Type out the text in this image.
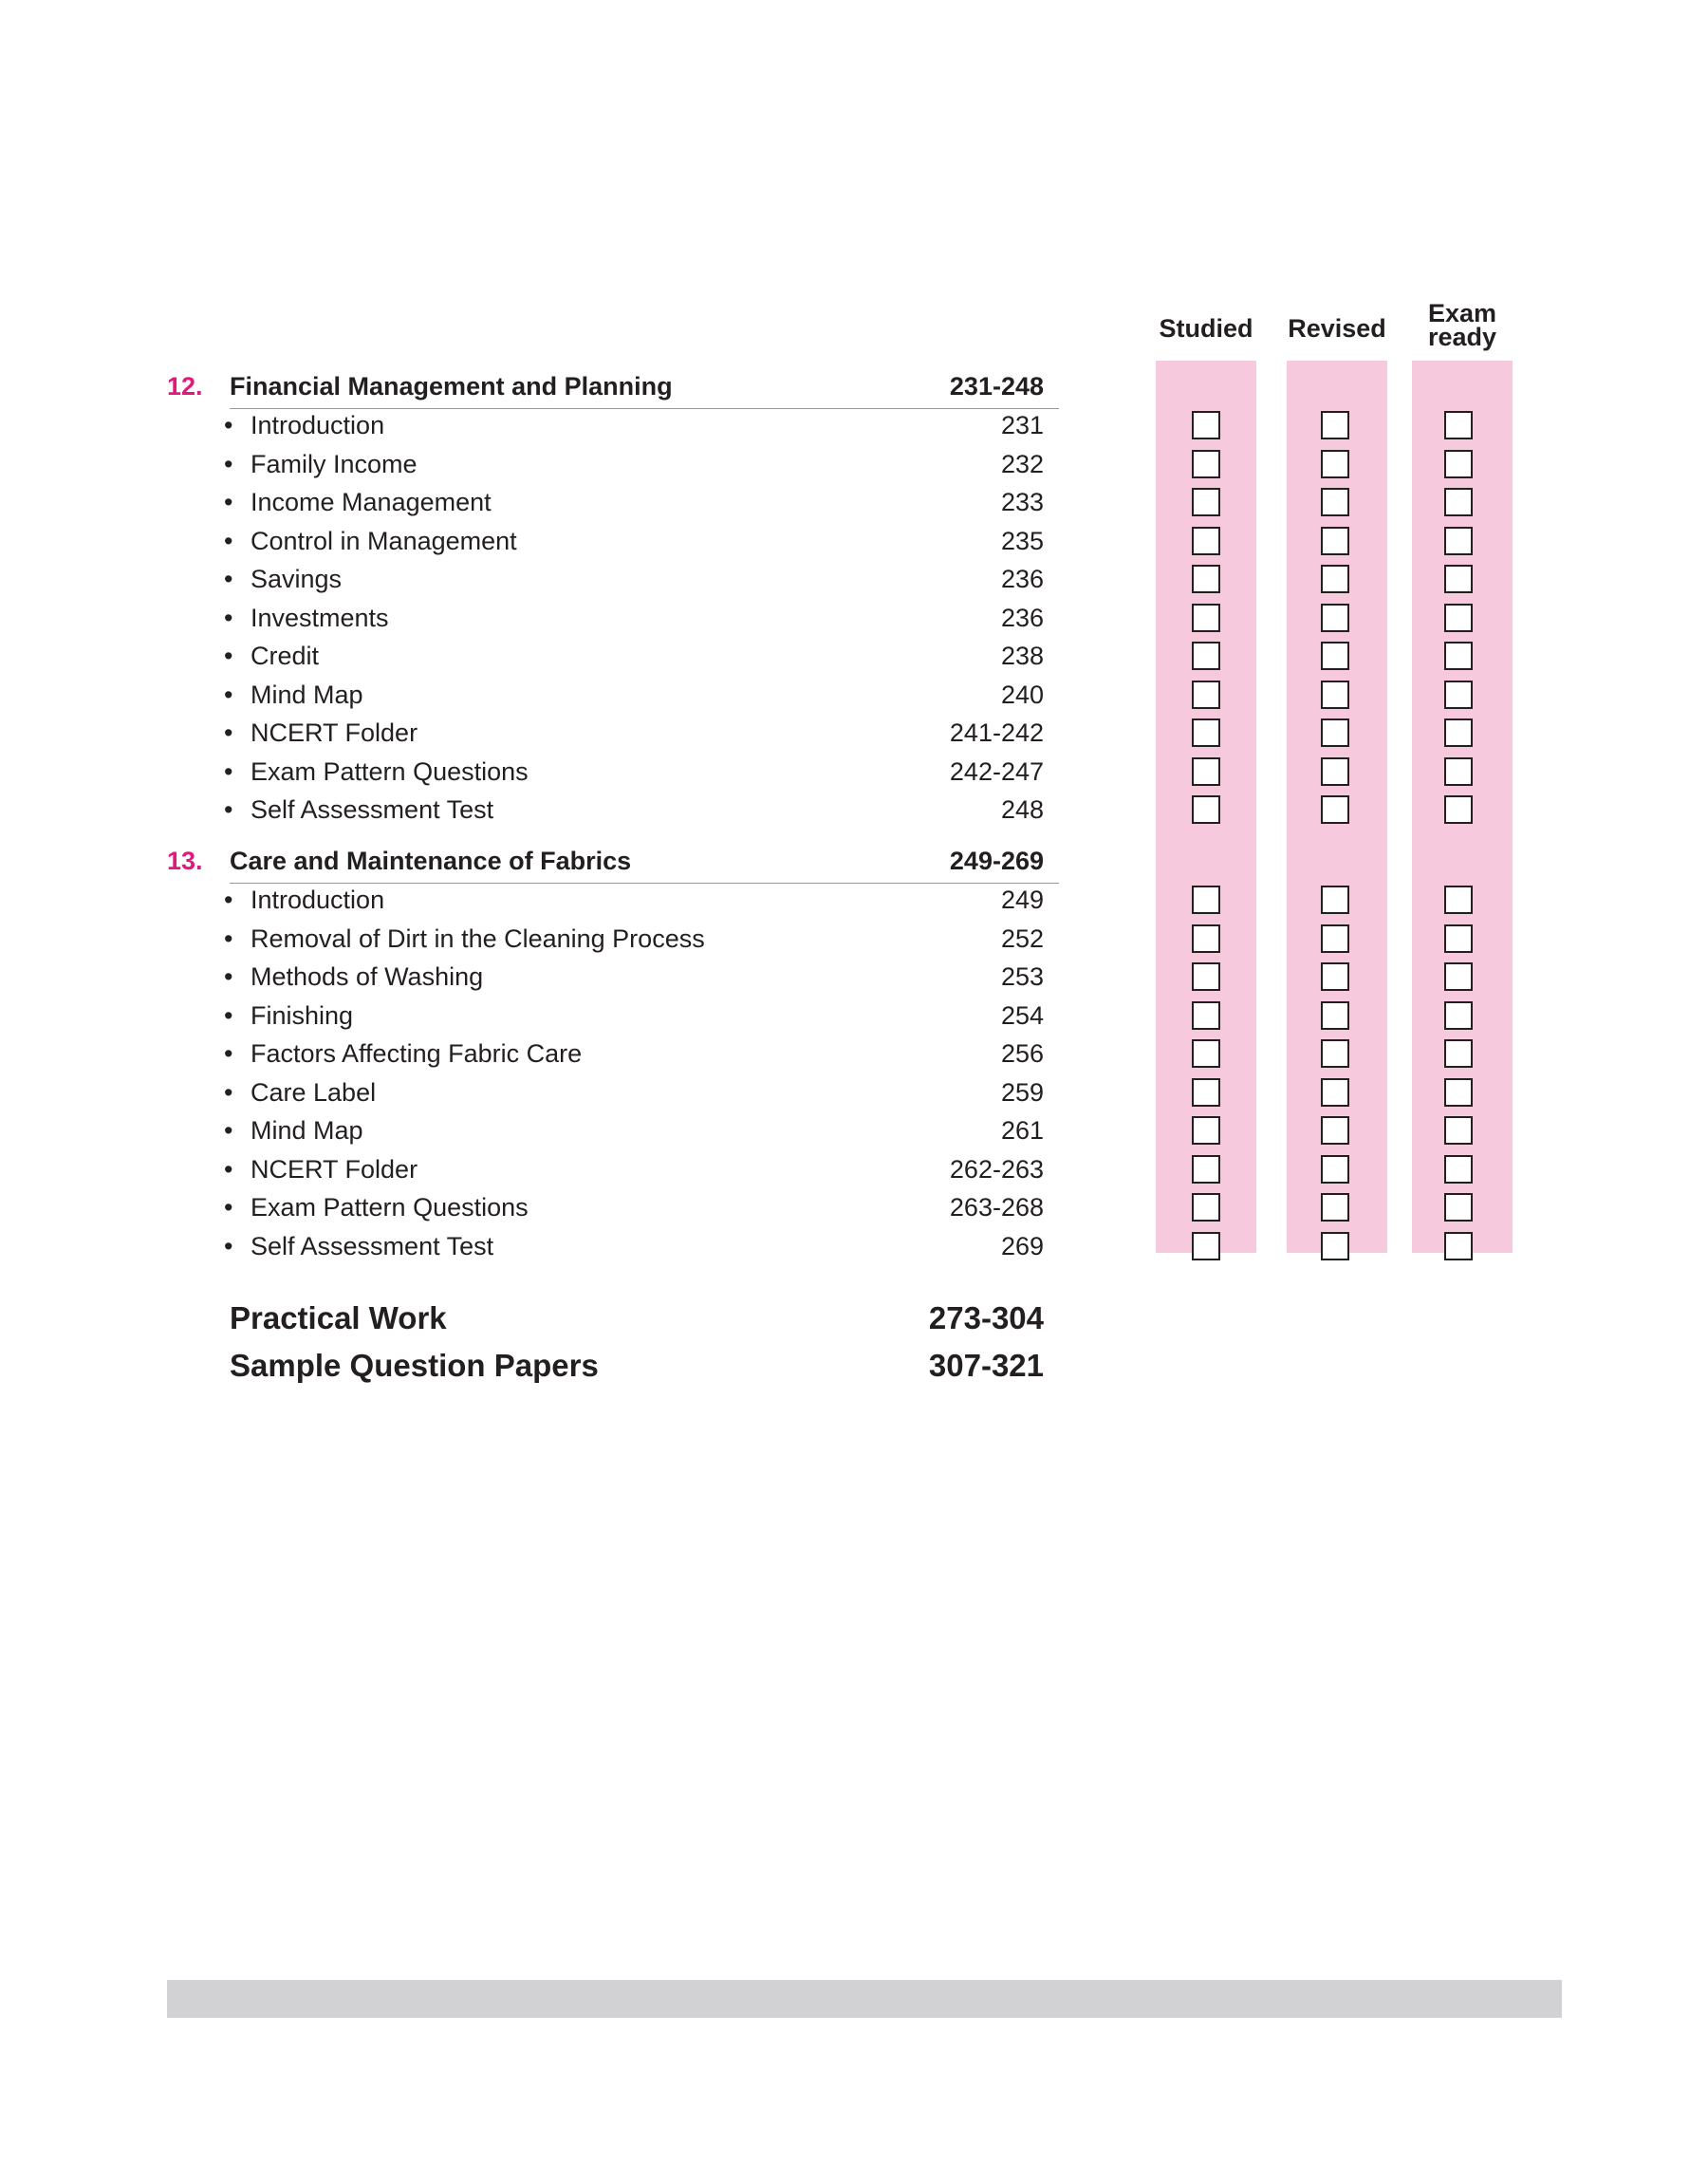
Studied Revised
Exam
ready
12. Financial Management and Planning	231-248
• Introduction	231
• Family Income	232
• Income Management	233
• Control in Management	235
• Savings	236
• Investments	236
• Credit	238
• Mind Map	240
• NCERT Folder	241-242
• Exam Pattern Questions	242-247
• Self Assessment Test	248
13. Care and Maintenance of Fabrics	249-269
• Introduction	249
• Removal of Dirt in the Cleaning Process	252
• Methods of Washing	253
• Finishing	254
• Factors Affecting Fabric Care	256
• Care Label	259
• Mind Map	261
• NCERT Folder	262-263
• Exam Pattern Questions	263-268
• Self Assessment Test	269
Practical Work	273-304
Sample Question Papers	307-321
